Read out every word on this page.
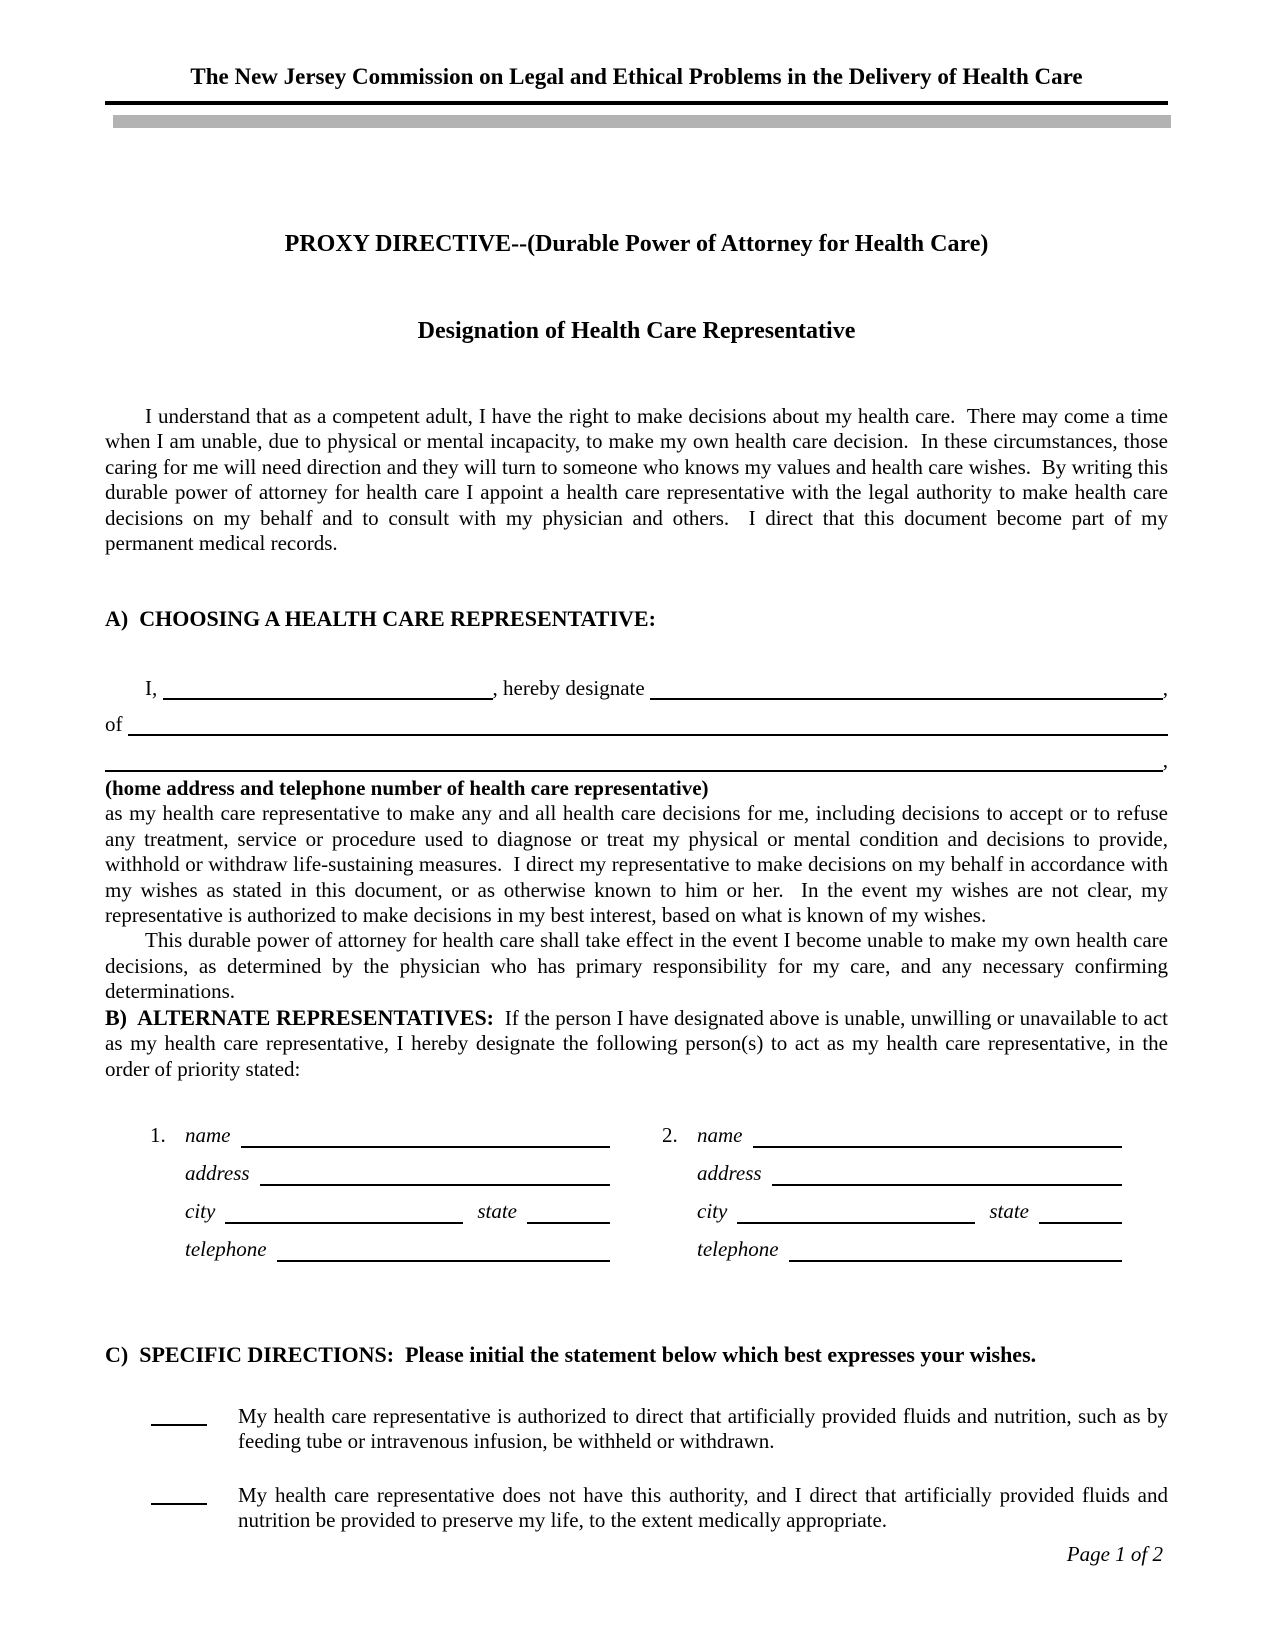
The New Jersey Commission on Legal and Ethical Problems in the Delivery of Health Care

PROXY DIRECTIVE--(Durable Power of Attorney for Health Care)

Designation of Health Care Representative

I understand that as a competent adult, I have the right to make decisions about my health care.  There may come a time when I am unable, due to physical or mental incapacity, to make my own health care decision.  In these circumstances, those caring for me will need direction and they will turn to someone who knows my values and health care wishes.  By writing this durable power of attorney for health care I appoint a health care representative with the legal authority to make health care decisions on my behalf and to consult with my physician and others.  I direct that this document become part of my permanent medical records.

A)  CHOOSING A HEALTH CARE REPRESENTATIVE:
I,	, hereby designate	,
of
,
(home address and telephone number of health care representative)

as my health care representative to make any and all health care decisions for me, including decisions to accept or to refuse any treatment, service or procedure used to diagnose or treat my physical or mental condition and decisions to provide, withhold or withdraw life-sustaining measures.  I direct my representative to make decisions on my behalf in accordance with my wishes as stated in this document, or as otherwise known to him or her.  In the event my wishes are not clear, my representative is authorized to make decisions in my best interest, based on what is known of my wishes.

This durable power of attorney for health care shall take effect in the event I become unable to make my own health care decisions, as determined by the physician who has primary responsibility for my care, and any necessary confirming determinations.

B)  ALTERNATE REPRESENTATIVES:  If the person I have designated above is unable, unwilling or unavailable to act as my health care representative, I hereby designate the following person(s) to act as my health care representative, in the order of priority stated:

1. name
address
city	state
telephone
2. name
address
city	state
telephone
C)  SPECIFIC DIRECTIONS:  Please initial the statement below which best expresses your wishes.

My health care representative is authorized to direct that artificially provided fluids and nutrition, such as by feeding tube or intravenous infusion, be withheld or withdrawn.

My health care representative does not have this authority, and I direct that artificially provided fluids and nutrition be provided to preserve my life, to the extent medically appropriate.

Page 1 of 2
